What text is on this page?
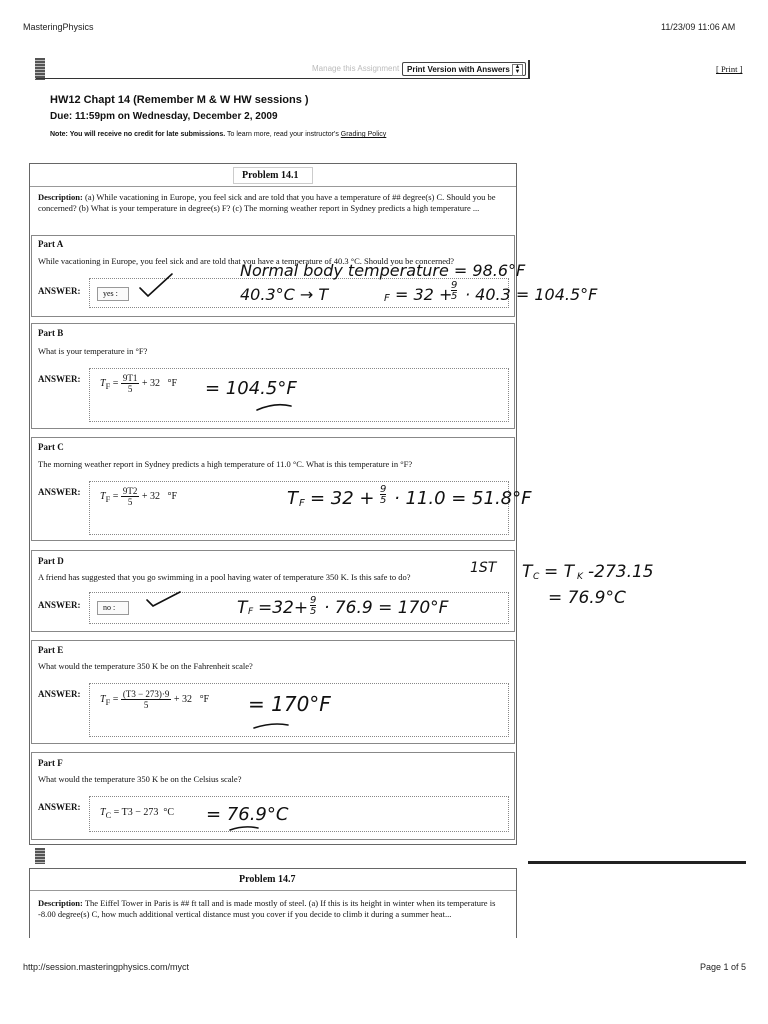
MasteringPhysics	11/23/09 11:06 AM
Manage this Assignment Print Version with Answers ▲
▼	[ Print ]
HW12 Chapt 14 (Remember M & W HW sessions )
Due: 11:59pm on Wednesday, December 2, 2009
Note: You will receive no credit for late submissions. To learn more, read your instructor's Grading Policy
Problem 14.1
Description: (a) While vacationing in Europe, you feel sick and are told that you have a temperature of ## degree(s) C. Should you be concerned? (b) What is your temperature in degree(s) F? (c) The morning weather report in Sydney predicts a high temperature ...
Part A
While vacationing in Europe, you feel sick and are told that you have a temperature of 40.3 °C. Should you be concerned?
ANSWER:	yes :
Normal body temperature = 98.6°F
40.3°C → T	F = 32 +
9
5 · 40.3 = 104.5°F
Part B
What is your temperature in °F?
ANSWER: $T_F = \frac{9T1}{5} + 32$ °F = 104.5°F
Part C
The morning weather report in Sydney predicts a high temperature of 11.0 °C. What is this temperature in °F?
ANSWER: $T_F = \frac{9T2}{5} + 32$ °F	T F = 32 + 9
5 · 11.0 = 51.8°F
Part D
A friend has suggested that you go swimming in a pool having water of temperature 350 K. Is this safe to do?
ANSWER:	no :
1ST
T F =32+ 9
5 · 76.9 = 170°F
T C = T K -273.15
= 76.9°C
Part E
What would the temperature 350 K be on the Fahrenheit scale?
ANSWER: $T_F = \frac{(T3 - 273)\cdot 9}{5} + 32$ °F = 170°F
Part F
What would the temperature 350 K be on the Celsius scale?
ANSWER: $T_C = T3 - 273$ °C = 76.9°C
Problem 14.7
Description: The Eiffel Tower in Paris is ## ft tall and is made mostly of steel. (a) If this is its height in winter when its temperature is -8.00 degree(s) C, how much additional vertical distance must you cover if you decide to climb it during a summer heat...
http://session.masteringphysics.com/myct	Page 1 of 5
